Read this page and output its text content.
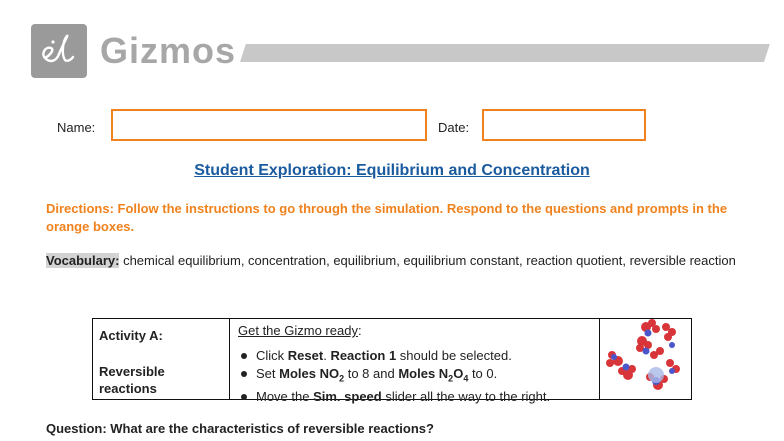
Gizmos
Name:	Date:
Student Exploration: Equilibrium and Concentration
Directions: Follow the instructions to go through the simulation. Respond to the questions and prompts in the orange boxes.
Vocabulary: chemical equilibrium, concentration, equilibrium, equilibrium constant, reaction quotient, reversible reaction
Activity A:
Reversible reactions
Get the Gizmo ready:
Click Reset. Reaction 1 should be selected.
Set Moles $NO_2$ to 8 and Moles $N_2O_4$ to 0.
Move the Sim. speed slider all the way to the right.
Question: What are the characteristics of reversible reactions?
